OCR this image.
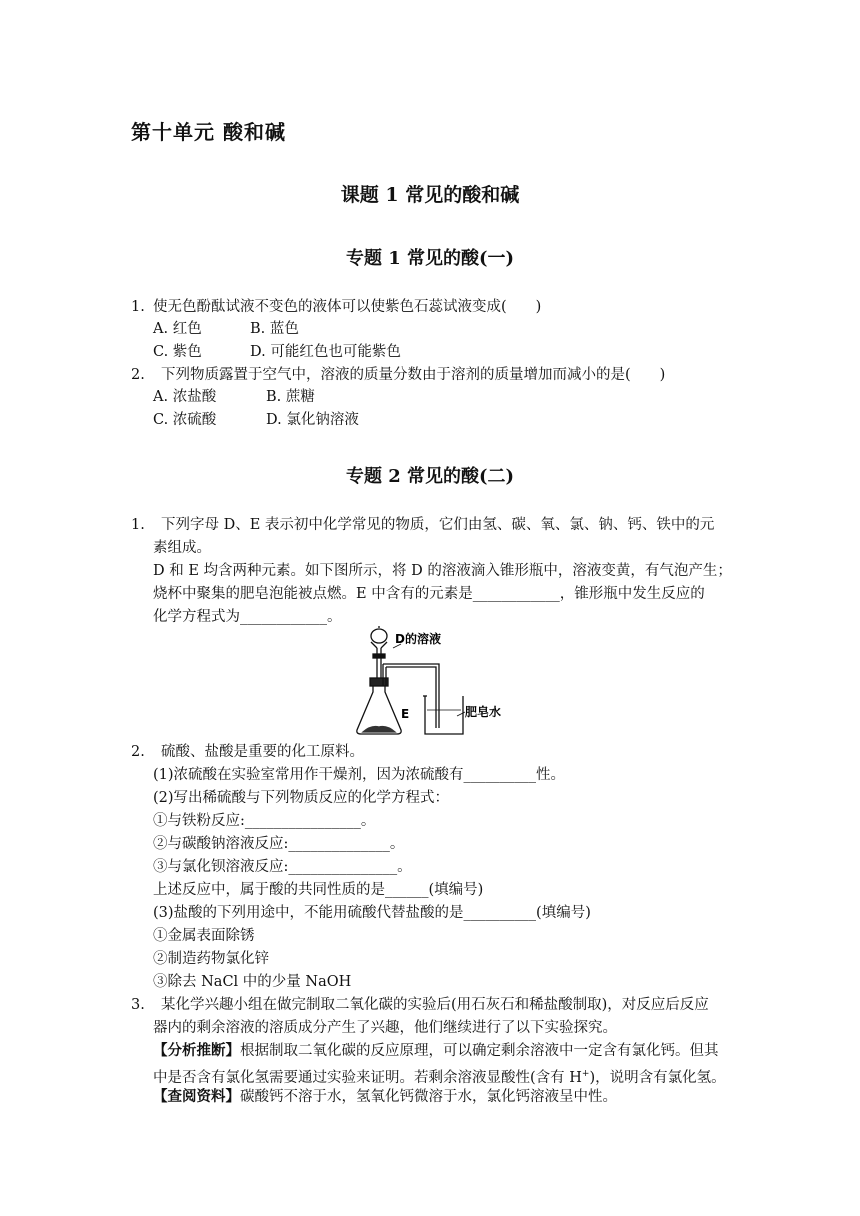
第十单元 酸和碱
课题 1 常见的酸和碱
专题 1 常见的酸(一)
1. 使无色酚酞试液不变色的液体可以使紫色石蕊试液变成(　　)
A. 红色	B. 蓝色
C. 紫色	D. 可能红色也可能紫色
2. 下列物质露置于空气中，溶液的质量分数由于溶剂的质量增加而减小的是(　　)
A. 浓盐酸	B. 蔗糖
C. 浓硫酸	D. 氯化钠溶液
专题 2 常见的酸(二)
1. 下列字母 D、E 表示初中化学常见的物质，它们由氢、碳、氧、氯、钠、钙、铁中的元
素组成。
D 和 E 均含两种元素。如下图所示，将 D 的溶液滴入锥形瓶中，溶液变黄，有气泡产生；
烧杯中聚集的肥皂泡能被点燃。E 中含有的元素是____________，锥形瓶中发生反应的
化学方程式为____________。
D的溶液
E	肥皂水
2. 硫酸、盐酸是重要的化工原料。
(1)浓硫酸在实验室常用作干燥剂，因为浓硫酸有__________性。
(2)写出稀硫酸与下列物质反应的化学方程式：
①与铁粉反应:________________。
②与碳酸钠溶液反应:______________。
③与氯化钡溶液反应:_______________。
上述反应中，属于酸的共同性质的是______(填编号)
(3)盐酸的下列用途中，不能用硫酸代替盐酸的是__________(填编号)
①金属表面除锈
②制造药物氯化锌
③除去 NaCl 中的少量 NaOH
3. 某化学兴趣小组在做完制取二氧化碳的实验后(用石灰石和稀盐酸制取)，对反应后反应
器内的剩余溶液的溶质成分产生了兴趣，他们继续进行了以下实验探究。
【分析推断】根据制取二氧化碳的反应原理，可以确定剩余溶液中一定含有氯化钙。但其
中是否含有氯化氢需要通过实验来证明。若剩余溶液显酸性(含有 H+)，说明含有氯化氢。
【查阅资料】碳酸钙不溶于水，氢氧化钙微溶于水，氯化钙溶液呈中性。
